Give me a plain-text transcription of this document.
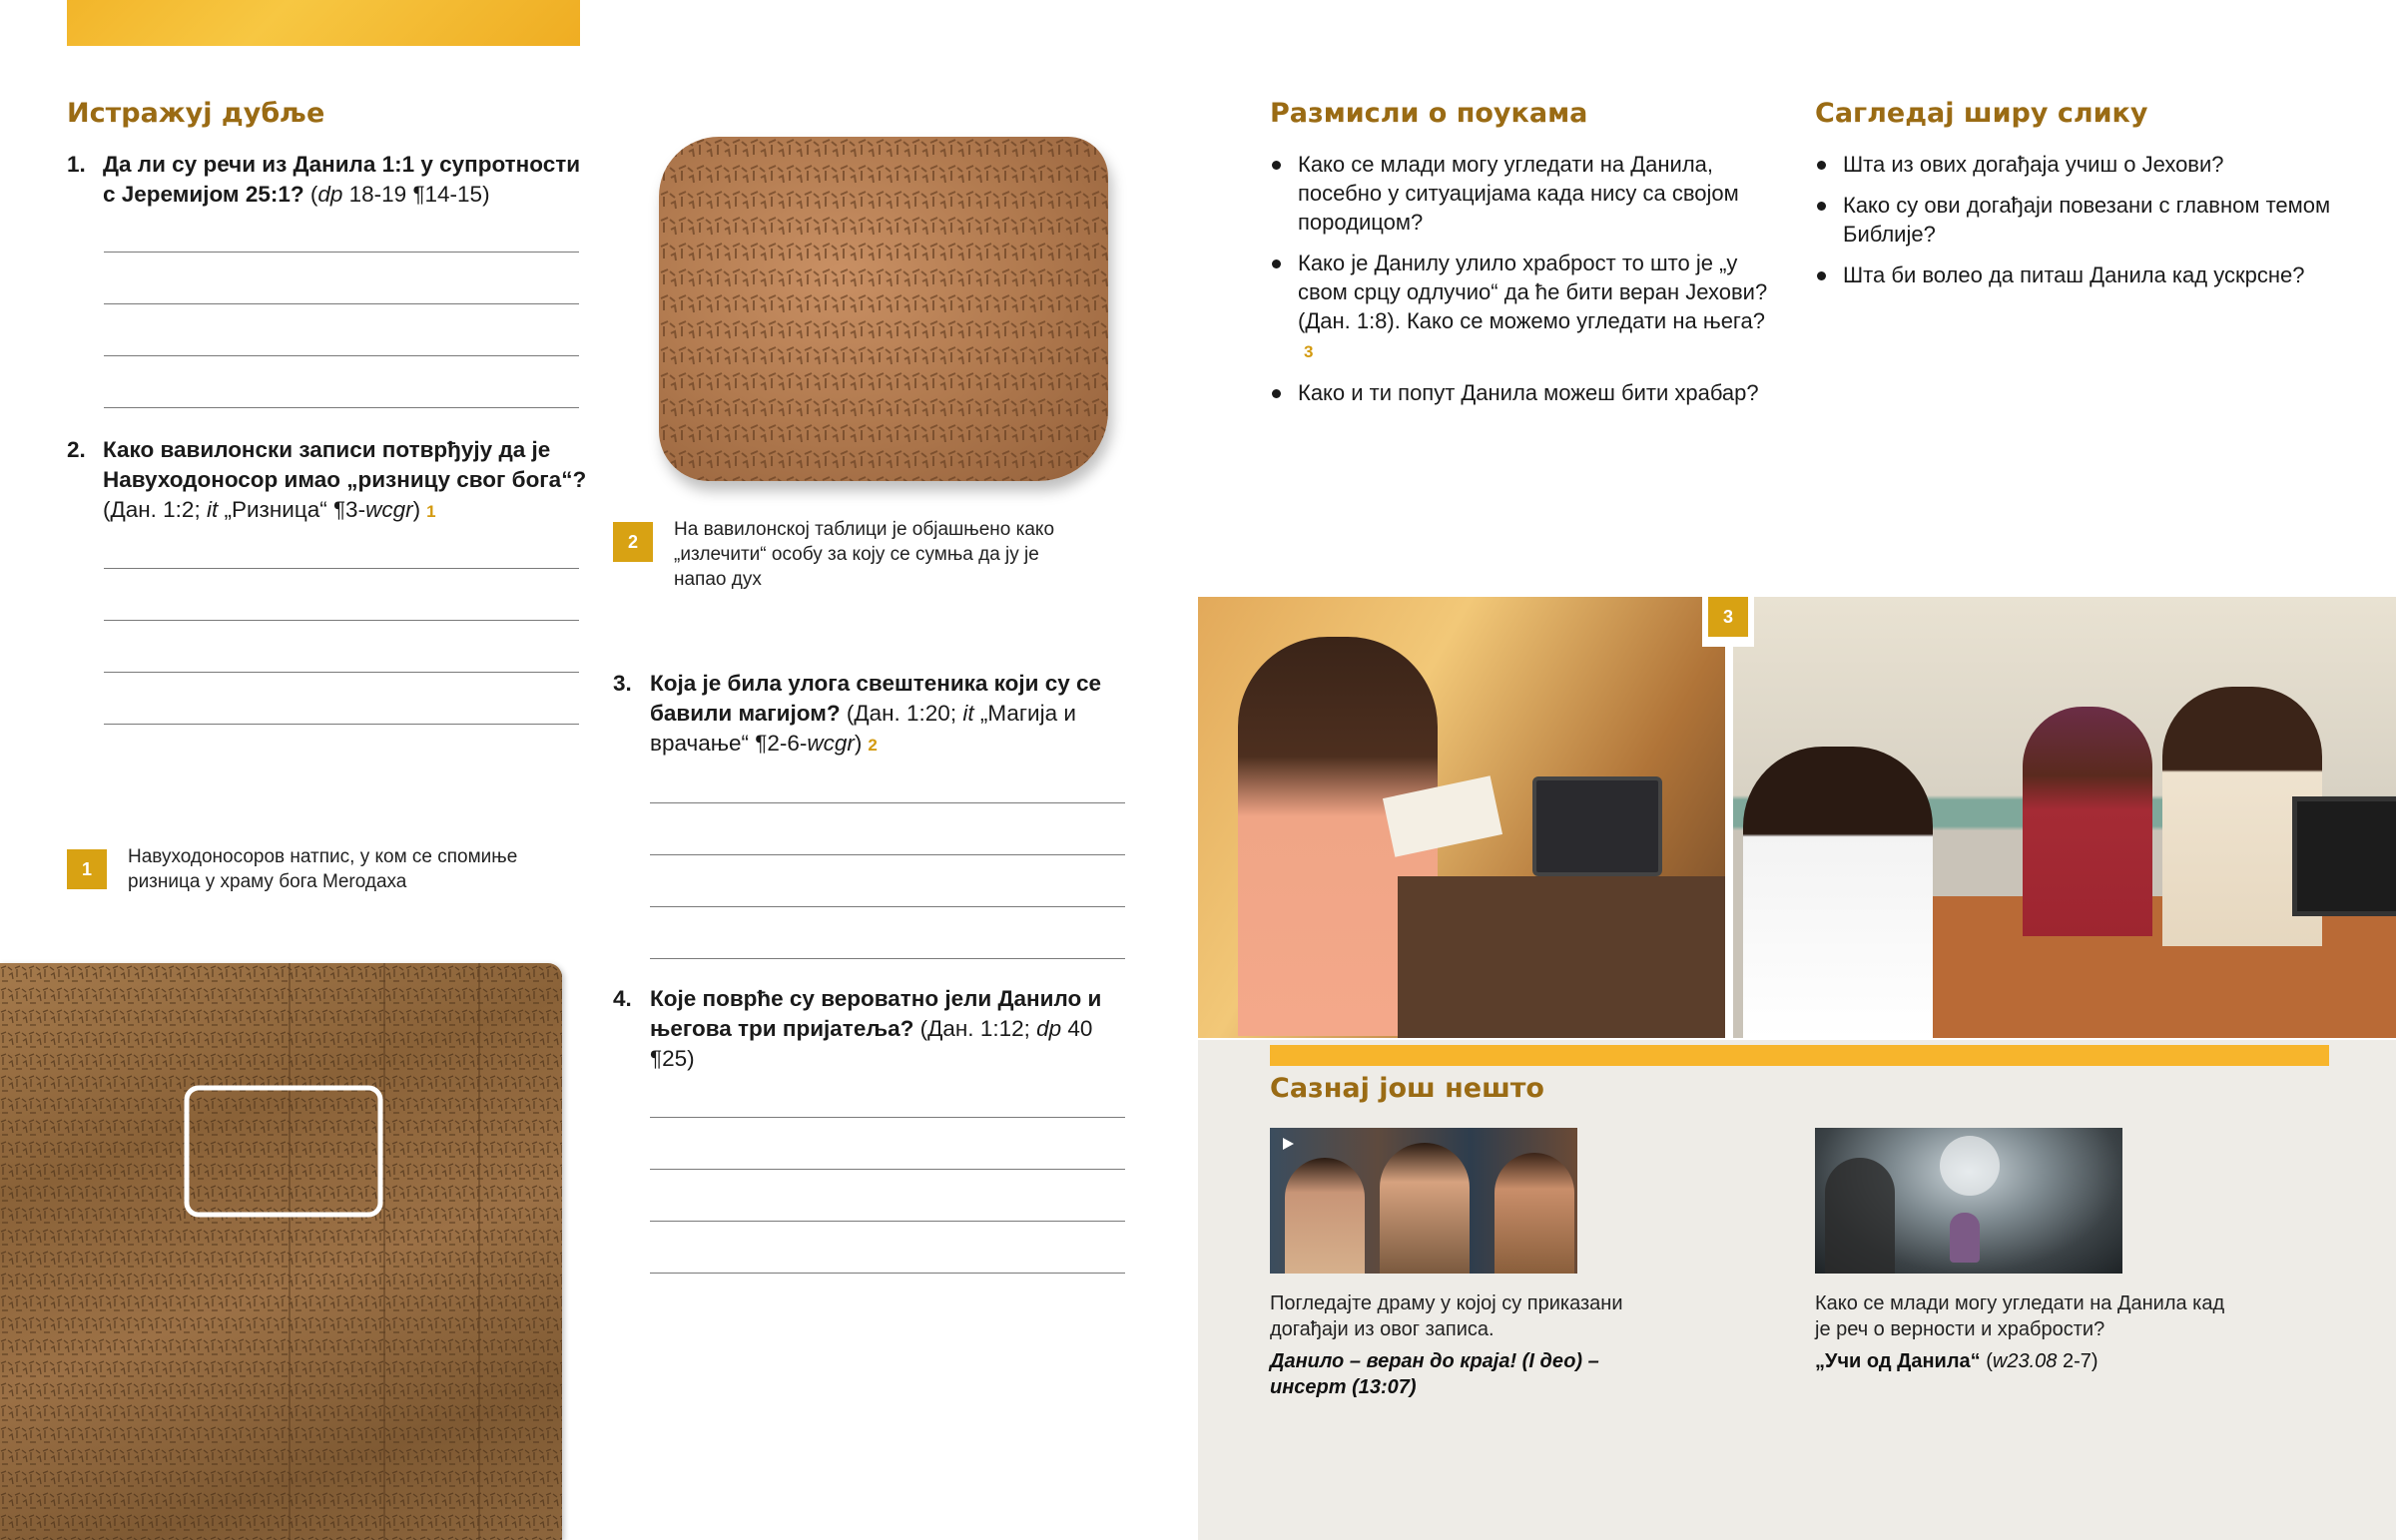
Истражуј дубље
1. Да ли су речи из Данила 1:1 у супротности с Јеремијом 25:1? (dp 18-19 ¶14-15)
2. Како вавилонски записи потврђују да је Навуходоносор имао „ризницу свог бога“? (Дан. 1:2; it „Ризница“ ¶3-wcgr) 1
1
Навуходоносоров натпис, у ком се спомиње ризница у храму бога Мerодаха
2
На вавилонској таблици је објашњено како „излечити“ особу за коју се сумња да ју је напао дух
3. Која је била улога свештеника који су се бавили магијом? (Дан. 1:20; it „Магија и врачање“ ¶2-6-wcgr) 2
4. Које поврће су вероватно јели Данило и његова три пријатеља? (Дан. 1:12; dp 40 ¶25)
Размисли о поукама
Како се млади могу угледати на Данила, посебно у ситуацијама када нису са својом породицом?
Како је Данилу улило храброст то што је „у свом срцу одлучио“ да ће бити веран Јехови? (Дан. 1:8). Како се можемо угледати на њега?3
Како и ти попут Данила можеш бити храбар?
Сагледај ширу слику
Шта из ових догађаја учиш о Јехови?
Како су ови догађаји повезани с главном темом Библије?
Шта би волео да питаш Данила кад ускрсне?
3
Сазнај још нешто
Погледајте драму у којој су приказани догађаји из овог записа.
Данило – веран до краја! (I део) – инсерт (13:07)
Како се млади могу угледати на Данила кад је реч о верности и храбрости?
„Учи од Данила“ (w23.08 2-7)
